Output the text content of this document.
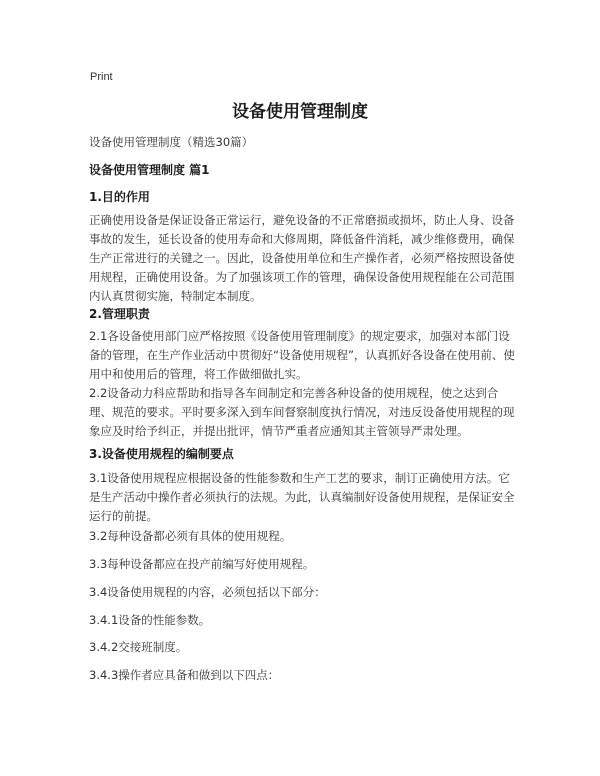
Print
设备使用管理制度
设备使用管理制度（精选30篇）
设备使用管理制度 篇1
1.目的作用
正确使用设备是保证设备正常运行，避免设备的不正常磨损或损坏，防止人身、设备事故的发生，延长设备的使用寿命和大修周期，降低备件消耗，减少维修费用，确保生产正常进行的关键之一。因此，设备使用单位和生产操作者，必须严格按照设备使用规程，正确使用设备。为了加强该项工作的管理，确保设备使用规程能在公司范围内认真贯彻实施，特制定本制度。
2.管理职责
2.1各设备使用部门应严格按照《设备使用管理制度》的规定要求，加强对本部门设备的管理，在生产作业活动中贯彻好“设备使用规程”，认真抓好各设备在使用前、使用中和使用后的管理，将工作做细做扎实。
2.2设备动力科应帮助和指导各车间制定和完善各种设备的使用规程，使之达到合理、规范的要求。平时要多深入到车间督察制度执行情况，对违反设备使用规程的现象应及时给予纠正，并提出批评，情节严重者应通知其主管领导严肃处理。
3.设备使用规程的编制要点
3.1设备使用规程应根据设备的性能参数和生产工艺的要求，制订正确使用方法。它是生产活动中操作者必须执行的法规。为此，认真编制好设备使用规程，是保证安全运行的前提。
3.2每种设备都必须有具体的使用规程。
3.3每种设备都应在投产前编写好使用规程。
3.4设备使用规程的内容，必须包括以下部分：
3.4.1设备的性能参数。
3.4.2交接班制度。
3.4.3操作者应具备和做到以下四点：
